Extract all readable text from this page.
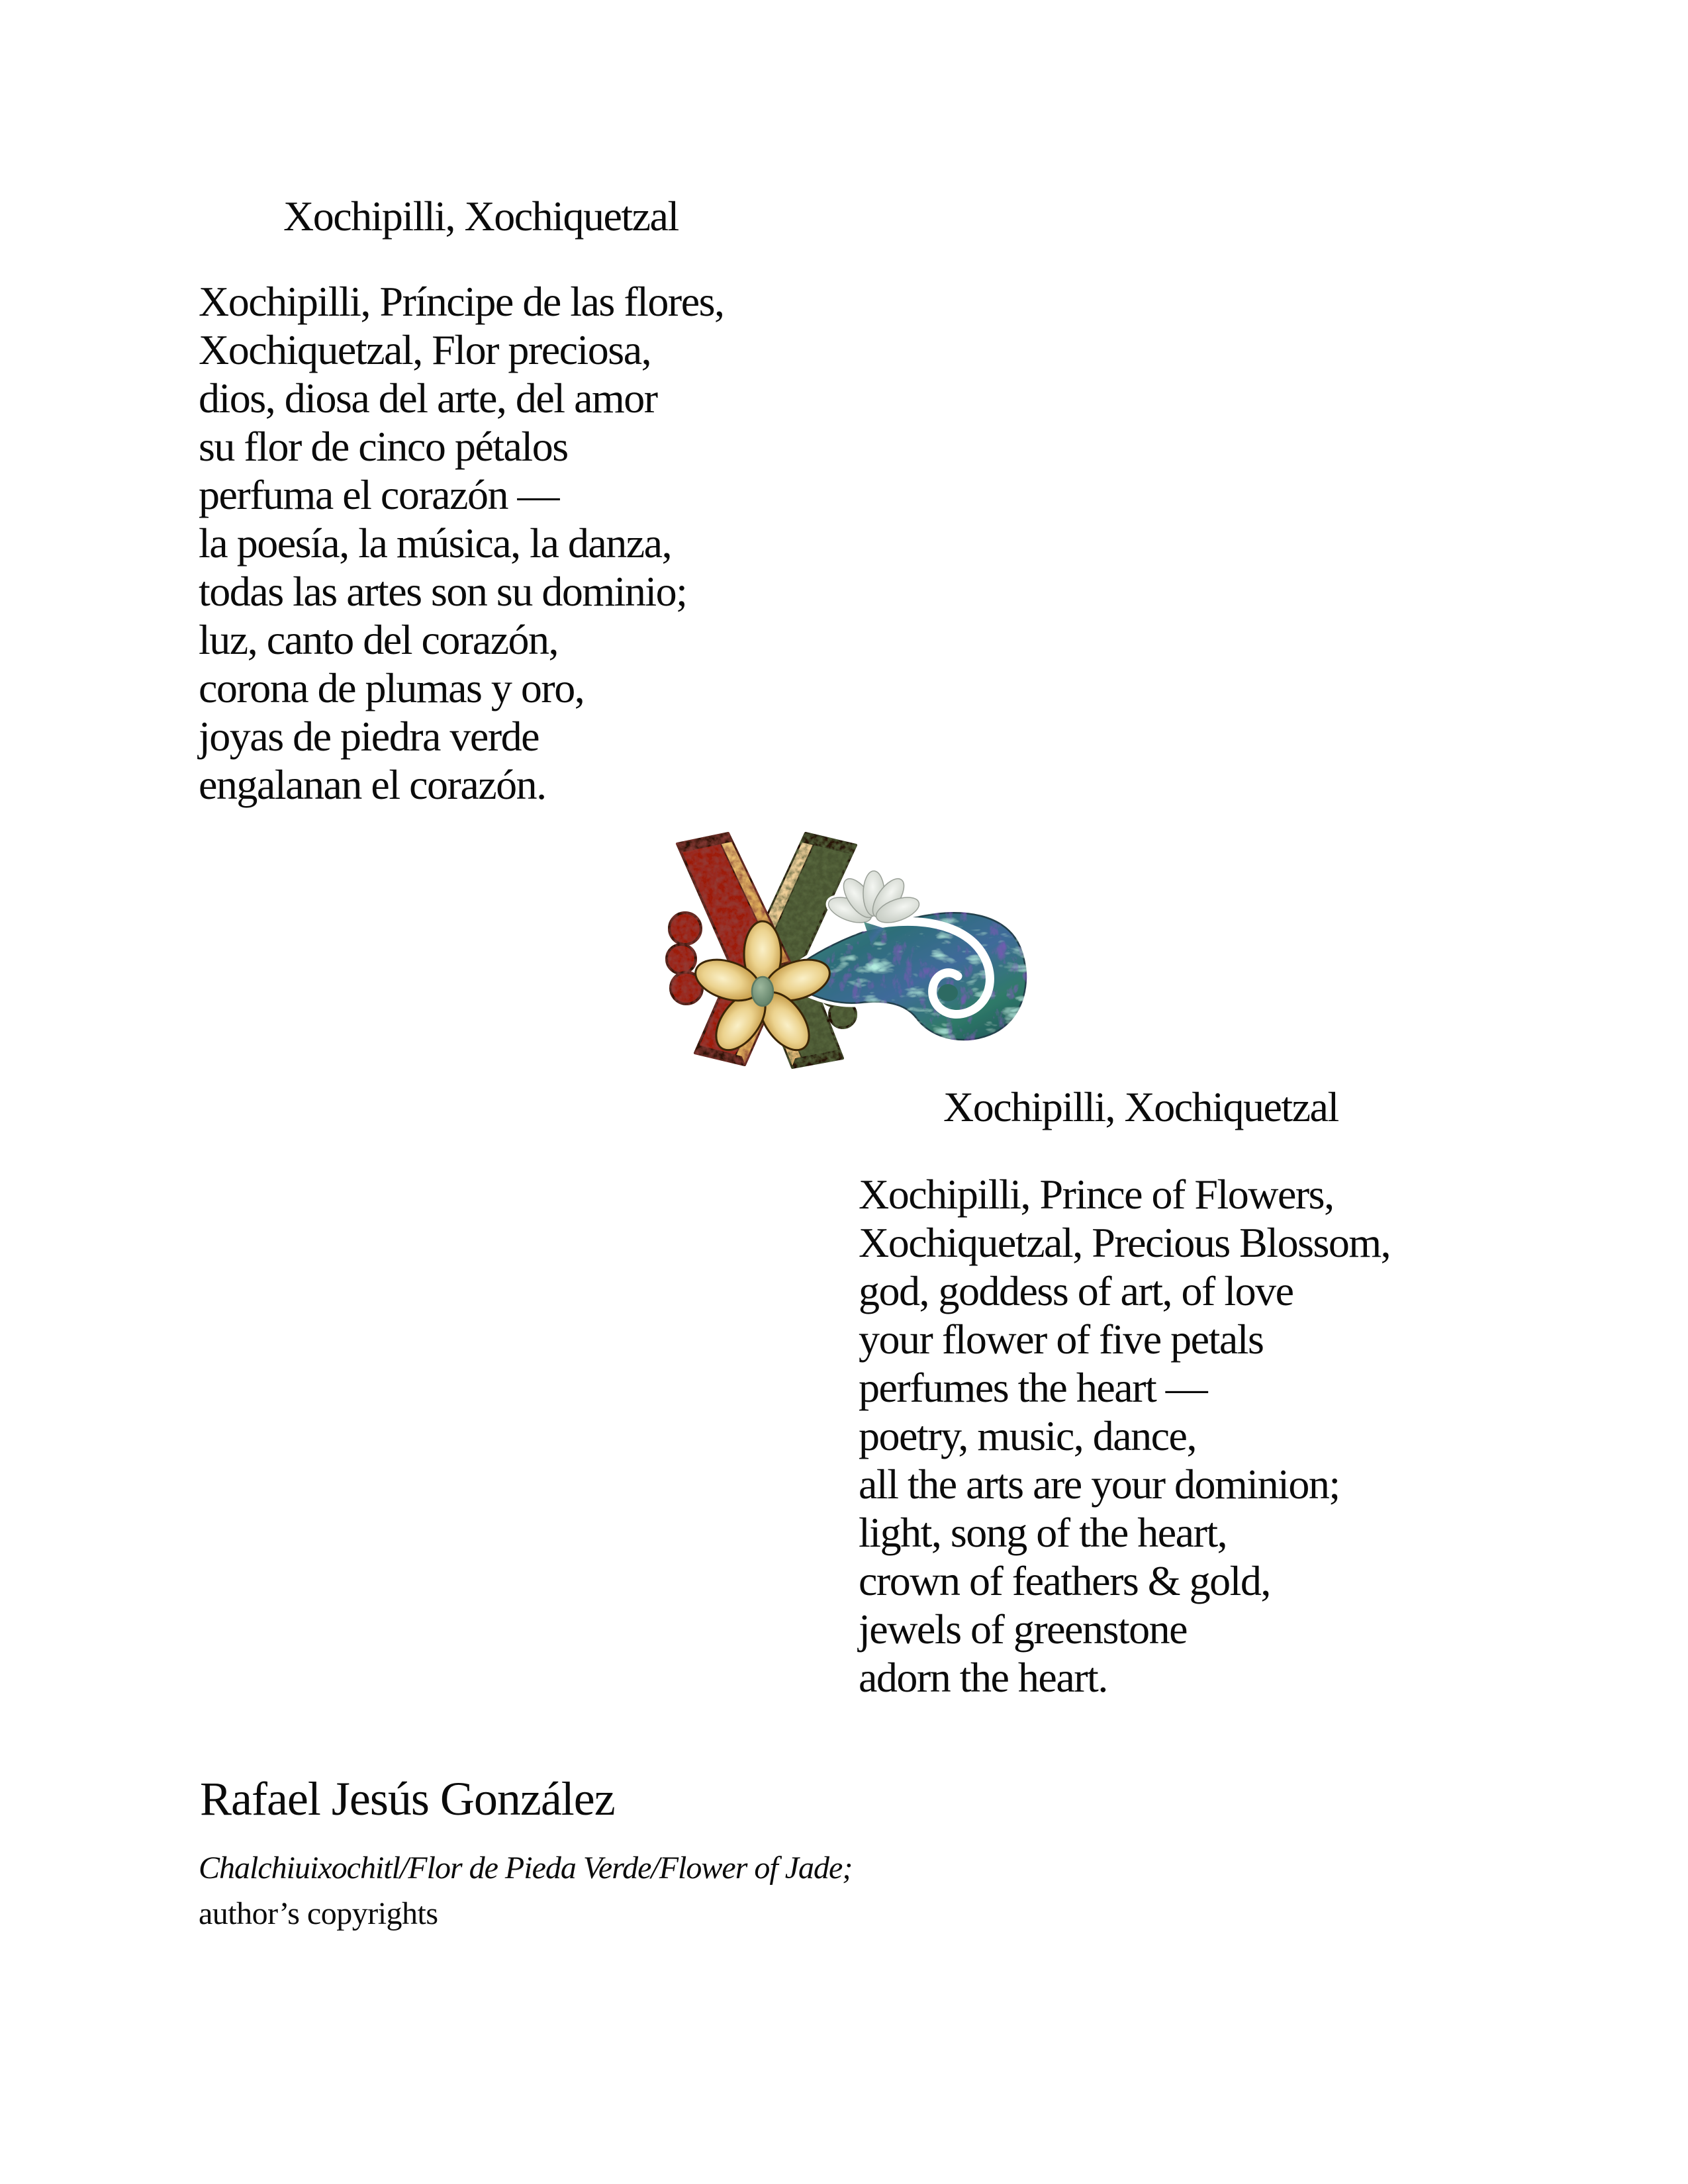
Xochipilli, Xochiquetzal
Xochipilli, Príncipe de las flores,
Xochiquetzal, Flor preciosa,
dios, diosa del arte, del amor
su flor de cinco pétalos
perfuma el corazón —
la poesía, la música, la danza,
todas las artes son su dominio;
luz, canto del corazón,
corona de plumas y oro,
joyas de piedra verde
engalanan el corazón.
Xochipilli, Xochiquetzal
Xochipilli, Prince of Flowers,
Xochiquetzal, Precious Blossom,
god, goddess of art, of love
your flower of five petals
perfumes the heart —
poetry, music, dance,
all the arts are your dominion;
light, song of the heart,
crown of feathers & gold,
jewels of greenstone
adorn the heart.
Rafael Jesús González
Chalchiuixochitl/Flor de Pieda Verde/Flower of Jade;
author’s copyrights
